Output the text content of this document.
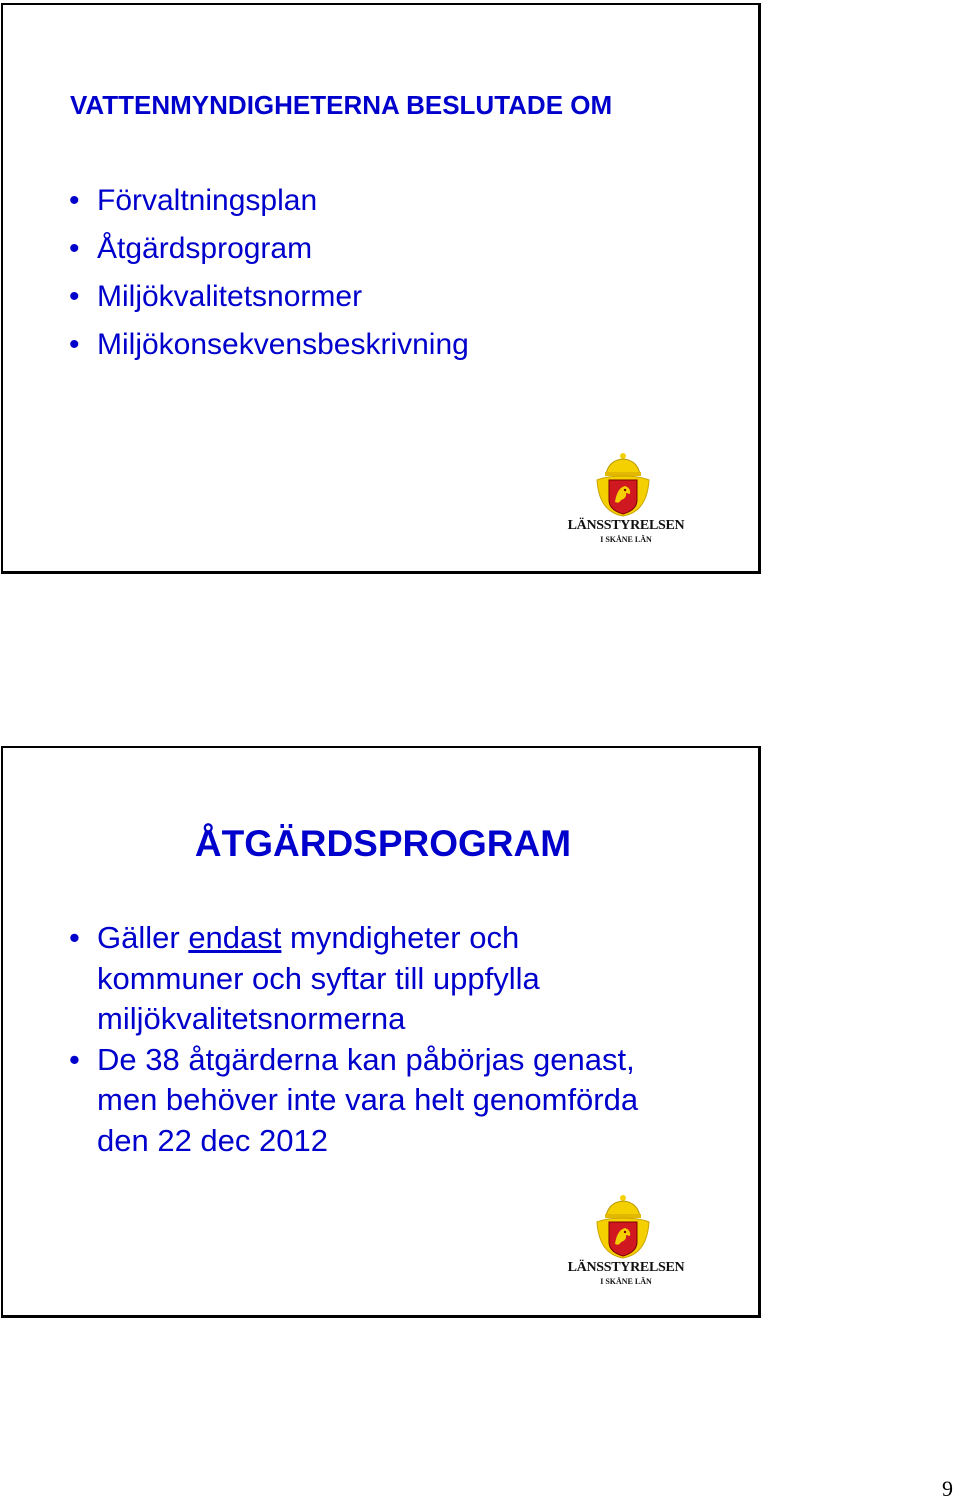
VATTENMYNDIGHETERNA BESLUTADE OM
• Förvaltningsplan
• Åtgärdsprogram
• Miljökvalitetsnormer
• Miljökonsekvensbeskrivning
LÄNSSTYRELSEN
I SKÅNE LÄN
ÅTGÄRDSPROGRAM
• Gäller endast myndigheter och
kommuner och syftar till uppfylla
miljökvalitetsnormerna
• De 38 åtgärderna kan påbörjas genast,
men behöver inte vara helt genomförda
den 22 dec 2012
LÄNSSTYRELSEN
I SKÅNE LÄN
9
